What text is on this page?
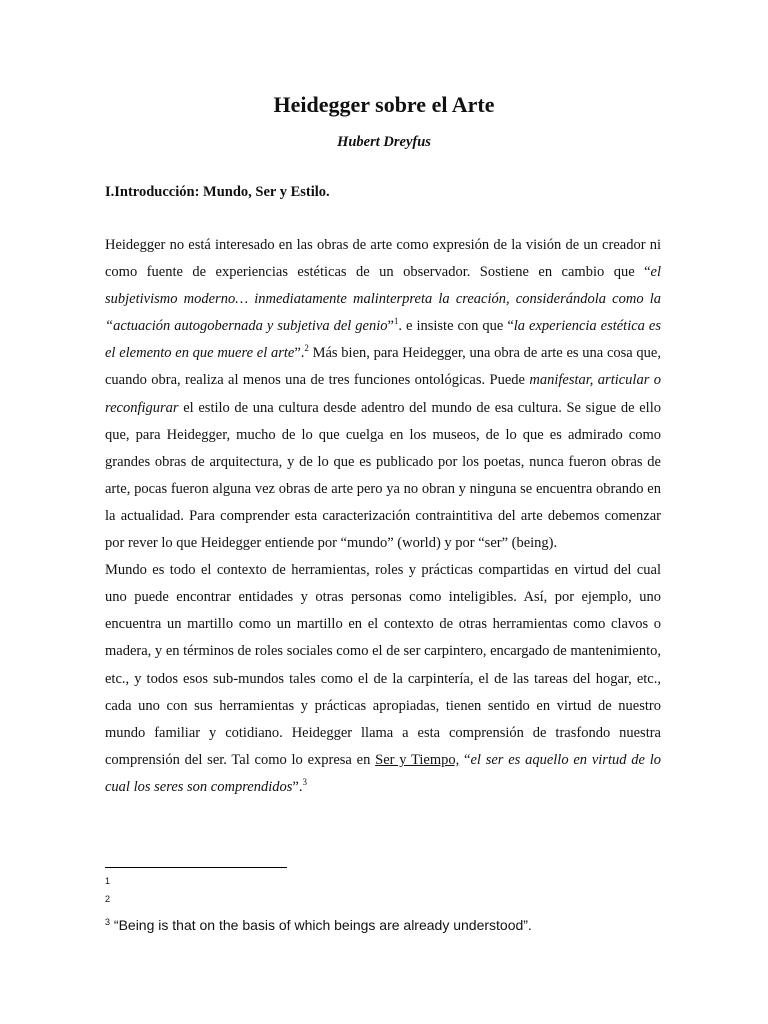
Heidegger sobre el Arte
Hubert Dreyfus
I.Introducción: Mundo, Ser y Estilo.

Heidegger no está interesado en las obras de arte como expresión de la visión de un creador ni como fuente de experiencias estéticas de un observador. Sostiene en cambio que “el subjetivismo moderno… inmediatamente malinterpreta la creación, considerándola como la “actuación autogobernada y subjetiva del genio”$^1$. e insiste con que “la experiencia estética es el elemento en que muere el arte”.$^2$ Más bien, para Heidegger, una obra de arte es una cosa que, cuando obra, realiza al menos una de tres funciones ontológicas. Puede manifestar, articular o reconfigurar el estilo de una cultura desde adentro del mundo de esa cultura. Se sigue de ello que, para Heidegger, mucho de lo que cuelga en los museos, de lo que es admirado como grandes obras de arquitectura, y de lo que es publicado por los poetas, nunca fueron obras de arte, pocas fueron alguna vez obras de arte pero ya no obran y ninguna se encuentra obrando en la actualidad. Para comprender esta caracterización contraintitiva del arte debemos comenzar por rever lo que Heidegger entiende por “mundo” (world) y por “ser” (being).

Mundo es todo el contexto de herramientas, roles y prácticas compartidas en virtud del cual uno puede encontrar entidades y otras personas como inteligibles. Así, por ejemplo, uno encuentra un martillo como un martillo en el contexto de otras herramientas como clavos o madera, y en términos de roles sociales como el de ser carpintero, encargado de mantenimiento, etc., y todos esos sub-mundos tales como el de la carpintería, el de las tareas del hogar, etc., cada uno con sus herramientas y prácticas apropiadas, tienen sentido en virtud de nuestro mundo familiar y cotidiano. Heidegger llama a esta comprensión de trasfondo nuestra comprensión del ser. Tal como lo expresa en Ser y Tiempo, “el ser es aquello en virtud de lo cual los seres son comprendidos”.$^3$

1
2
$^3$ “Being is that on the basis of which beings are already understood”.
